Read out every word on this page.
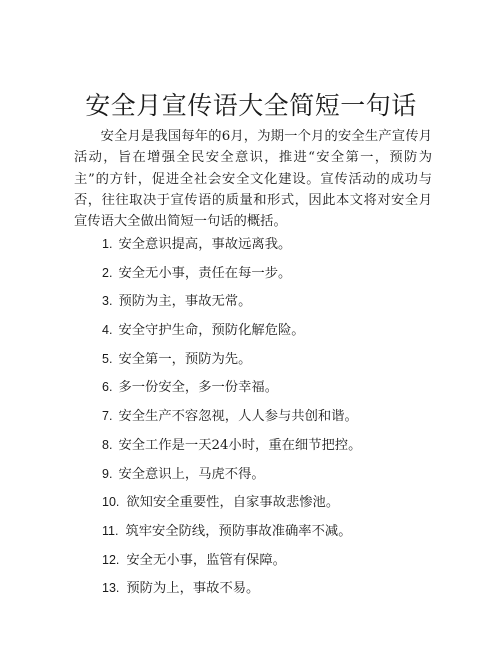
安全月宣传语大全简短一句话
安全月是我国每年的6月，为期一个月的安全生产宣传月活动，旨在增强全民安全意识，推进“安全第一，预防为主”的方针，促进全社会安全文化建设。宣传活动的成功与否，往往取决于宣传语的质量和形式，因此本文将对安全月宣传语大全做出简短一句话的概括。
1. 安全意识提高，事故远离我。
2. 安全无小事，责任在每一步。
3. 预防为主，事故无常。
4. 安全守护生命，预防化解危险。
5. 安全第一，预防为先。
6. 多一份安全，多一份幸福。
7. 安全生产不容忽视，人人参与共创和谐。
8. 安全工作是一天24小时，重在细节把控。
9. 安全意识上，马虎不得。
10. 欲知安全重要性，自家事故悲惨池。
11. 筑牢安全防线，预防事故准确率不减。
12. 安全无小事，监管有保障。
13. 预防为上，事故不易。
